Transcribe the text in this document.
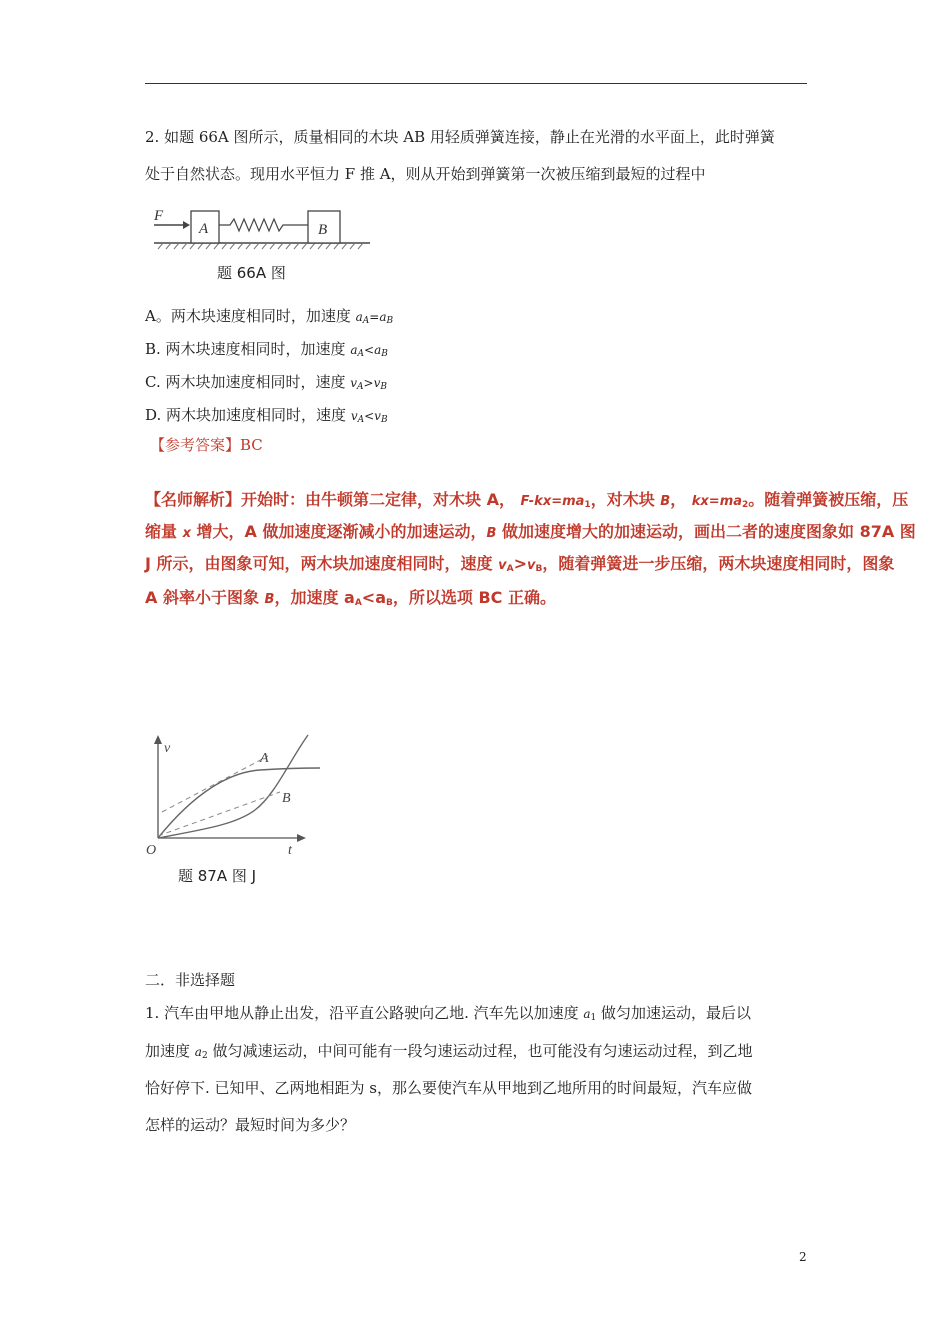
2. 如题 66A 图所示，质量相同的木块 AB 用轻质弹簧连接，静止在光滑的水平面上，此时弹簧
处于自然状态。现用水平恒力 F 推 A，则从开始到弹簧第一次被压缩到最短的过程中
F
A	B
题 66A 图
A。两木块速度相同时，加速度 $a_A=a_B$
B. 两木块速度相同时，加速度 $a_A<a_B$
C. 两木块加速度相同时，速度 $v_A>v_B$
D. 两木块加速度相同时，速度 $v_A<v_B$
【参考答案】BC
【名师解析】开始时：由牛顿第二定律，对木块 A， $F-kx=ma_1$，对木块 B， $kx=ma_2$。随着弹簧被压缩，压
缩量 x 增大，A 做加速度逐渐减小的加速运动，B 做加速度增大的加速运动，画出二者的速度图象如 87A 图
J 所示，由图象可知，两木块加速度相同时，速度 $v_A>v_B$，随着弹簧进一步压缩，两木块速度相同时，图象
A 斜率小于图象 B，加速度 $a_A<a_B$，所以选项 BC 正确。
v
t
O
A
B
题 87A 图 J
二．非选择题
1. 汽车由甲地从静止出发，沿平直公路驶向乙地. 汽车先以加速度 $a_1$ 做匀加速运动，最后以
加速度 $a_2$ 做匀减速运动，中间可能有一段匀速运动过程，也可能没有匀速运动过程，到乙地
恰好停下. 已知甲、乙两地相距为 s，那么要使汽车从甲地到乙地所用的时间最短，汽车应做
怎样的运动？最短时间为多少？
2
